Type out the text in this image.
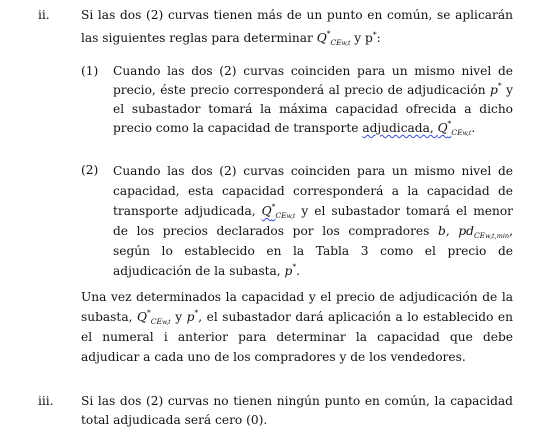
ii.	Si las dos (2) curvas tienen más de un punto en común, se aplicarán las siguientes reglas para determinar $Q^*_{CEw,t}$ y p*:
(1) Cuando las dos (2) curvas coinciden para un mismo nivel de precio, éste precio corresponderá al precio de adjudicación p* y el subastador tomará la máxima capacidad ofrecida a dicho precio como la capacidad de transporte adjudicada, $Q^*_{CEw,t}$.
(2) Cuando las dos (2) curvas coinciden para un mismo nivel de capacidad, esta capacidad corresponderá a la capacidad de transporte adjudicada, $Q^*_{CEw,t}$ y el subastador tomará el menor de los precios declarados por los compradores b, $pd_{CEw,t,min}$, según lo establecido en la Tabla 3 como el precio de adjudicación de la subasta, p*.
Una vez determinados la capacidad y el precio de adjudicación de la subasta, $Q^*_{CEw,t}$ y p*, el subastador dará aplicación a lo establecido en el numeral i anterior para determinar la capacidad que debe adjudicar a cada uno de los compradores y de los vendedores.
iii. Si las dos (2) curvas no tienen ningún punto en común, la capacidad total adjudicada será cero (0).
